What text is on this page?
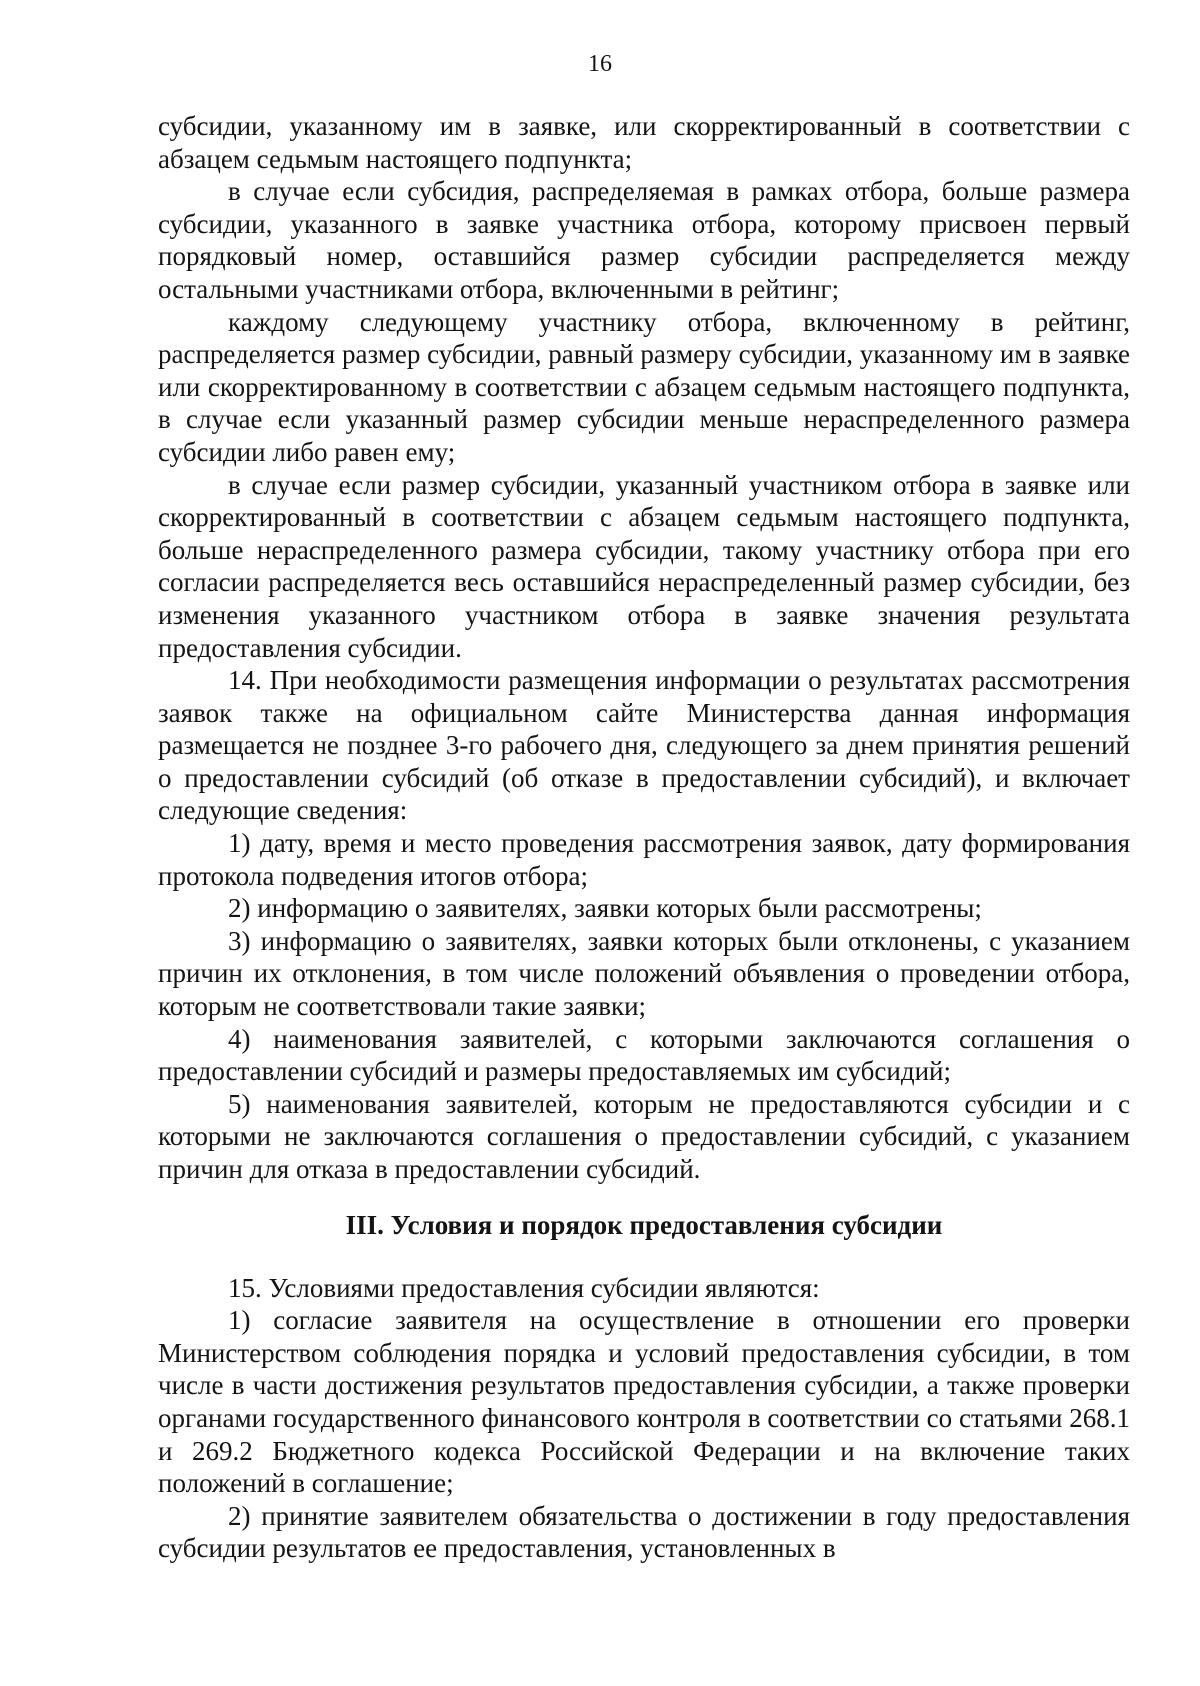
16

субсидии, указанному им в заявке, или скорректированный в соответствии с абзацем седьмым настоящего подпункта;

в случае если субсидия, распределяемая в рамках отбора, больше размера субсидии, указанного в заявке участника отбора, которому присвоен первый порядковый номер, оставшийся размер субсидии распределяется между остальными участниками отбора, включенными в рейтинг;

каждому следующему участнику отбора, включенному в рейтинг, распределяется размер субсидии, равный размеру субсидии, указанному им в заявке или скорректированному в соответствии с абзацем седьмым настоящего подпункта, в случае если указанный размер субсидии меньше нераспределенного размера субсидии либо равен ему;

в случае если размер субсидии, указанный участником отбора в заявке или скорректированный в соответствии с абзацем седьмым настоящего подпункта, больше нераспределенного размера субсидии, такому участнику отбора при его согласии распределяется весь оставшийся нераспределенный размер субсидии, без изменения указанного участником отбора в заявке значения результата предоставления субсидии.

14. При необходимости размещения информации о результатах рассмотрения заявок также на официальном сайте Министерства данная информация размещается не позднее 3-го рабочего дня, следующего за днем принятия решений о предоставлении субсидий (об отказе в предоставлении субсидий), и включает следующие сведения:

1) дату, время и место проведения рассмотрения заявок, дату формирования протокола подведения итогов отбора;

2) информацию о заявителях, заявки которых были рассмотрены;

3) информацию о заявителях, заявки которых были отклонены, с указанием причин их отклонения, в том числе положений объявления о проведении отбора, которым не соответствовали такие заявки;

4) наименования заявителей, с которыми заключаются соглашения о предоставлении субсидий и размеры предоставляемых им субсидий;

5) наименования заявителей, которым не предоставляются субсидии и с которыми не заключаются соглашения о предоставлении субсидий, с указанием причин для отказа в предоставлении субсидий.

III. Условия и порядок предоставления субсидии

15. Условиями предоставления субсидии являются:

1) согласие заявителя на осуществление в отношении его проверки Министерством соблюдения порядка и условий предоставления субсидии, в том числе в части достижения результатов предоставления субсидии, а также проверки органами государственного финансового контроля в соответствии со статьями 268.1 и 269.2 Бюджетного кодекса Российской Федерации и на включение таких положений в соглашение;

2) принятие заявителем обязательства о достижении в году предоставления субсидии результатов ее предоставления, установленных в
